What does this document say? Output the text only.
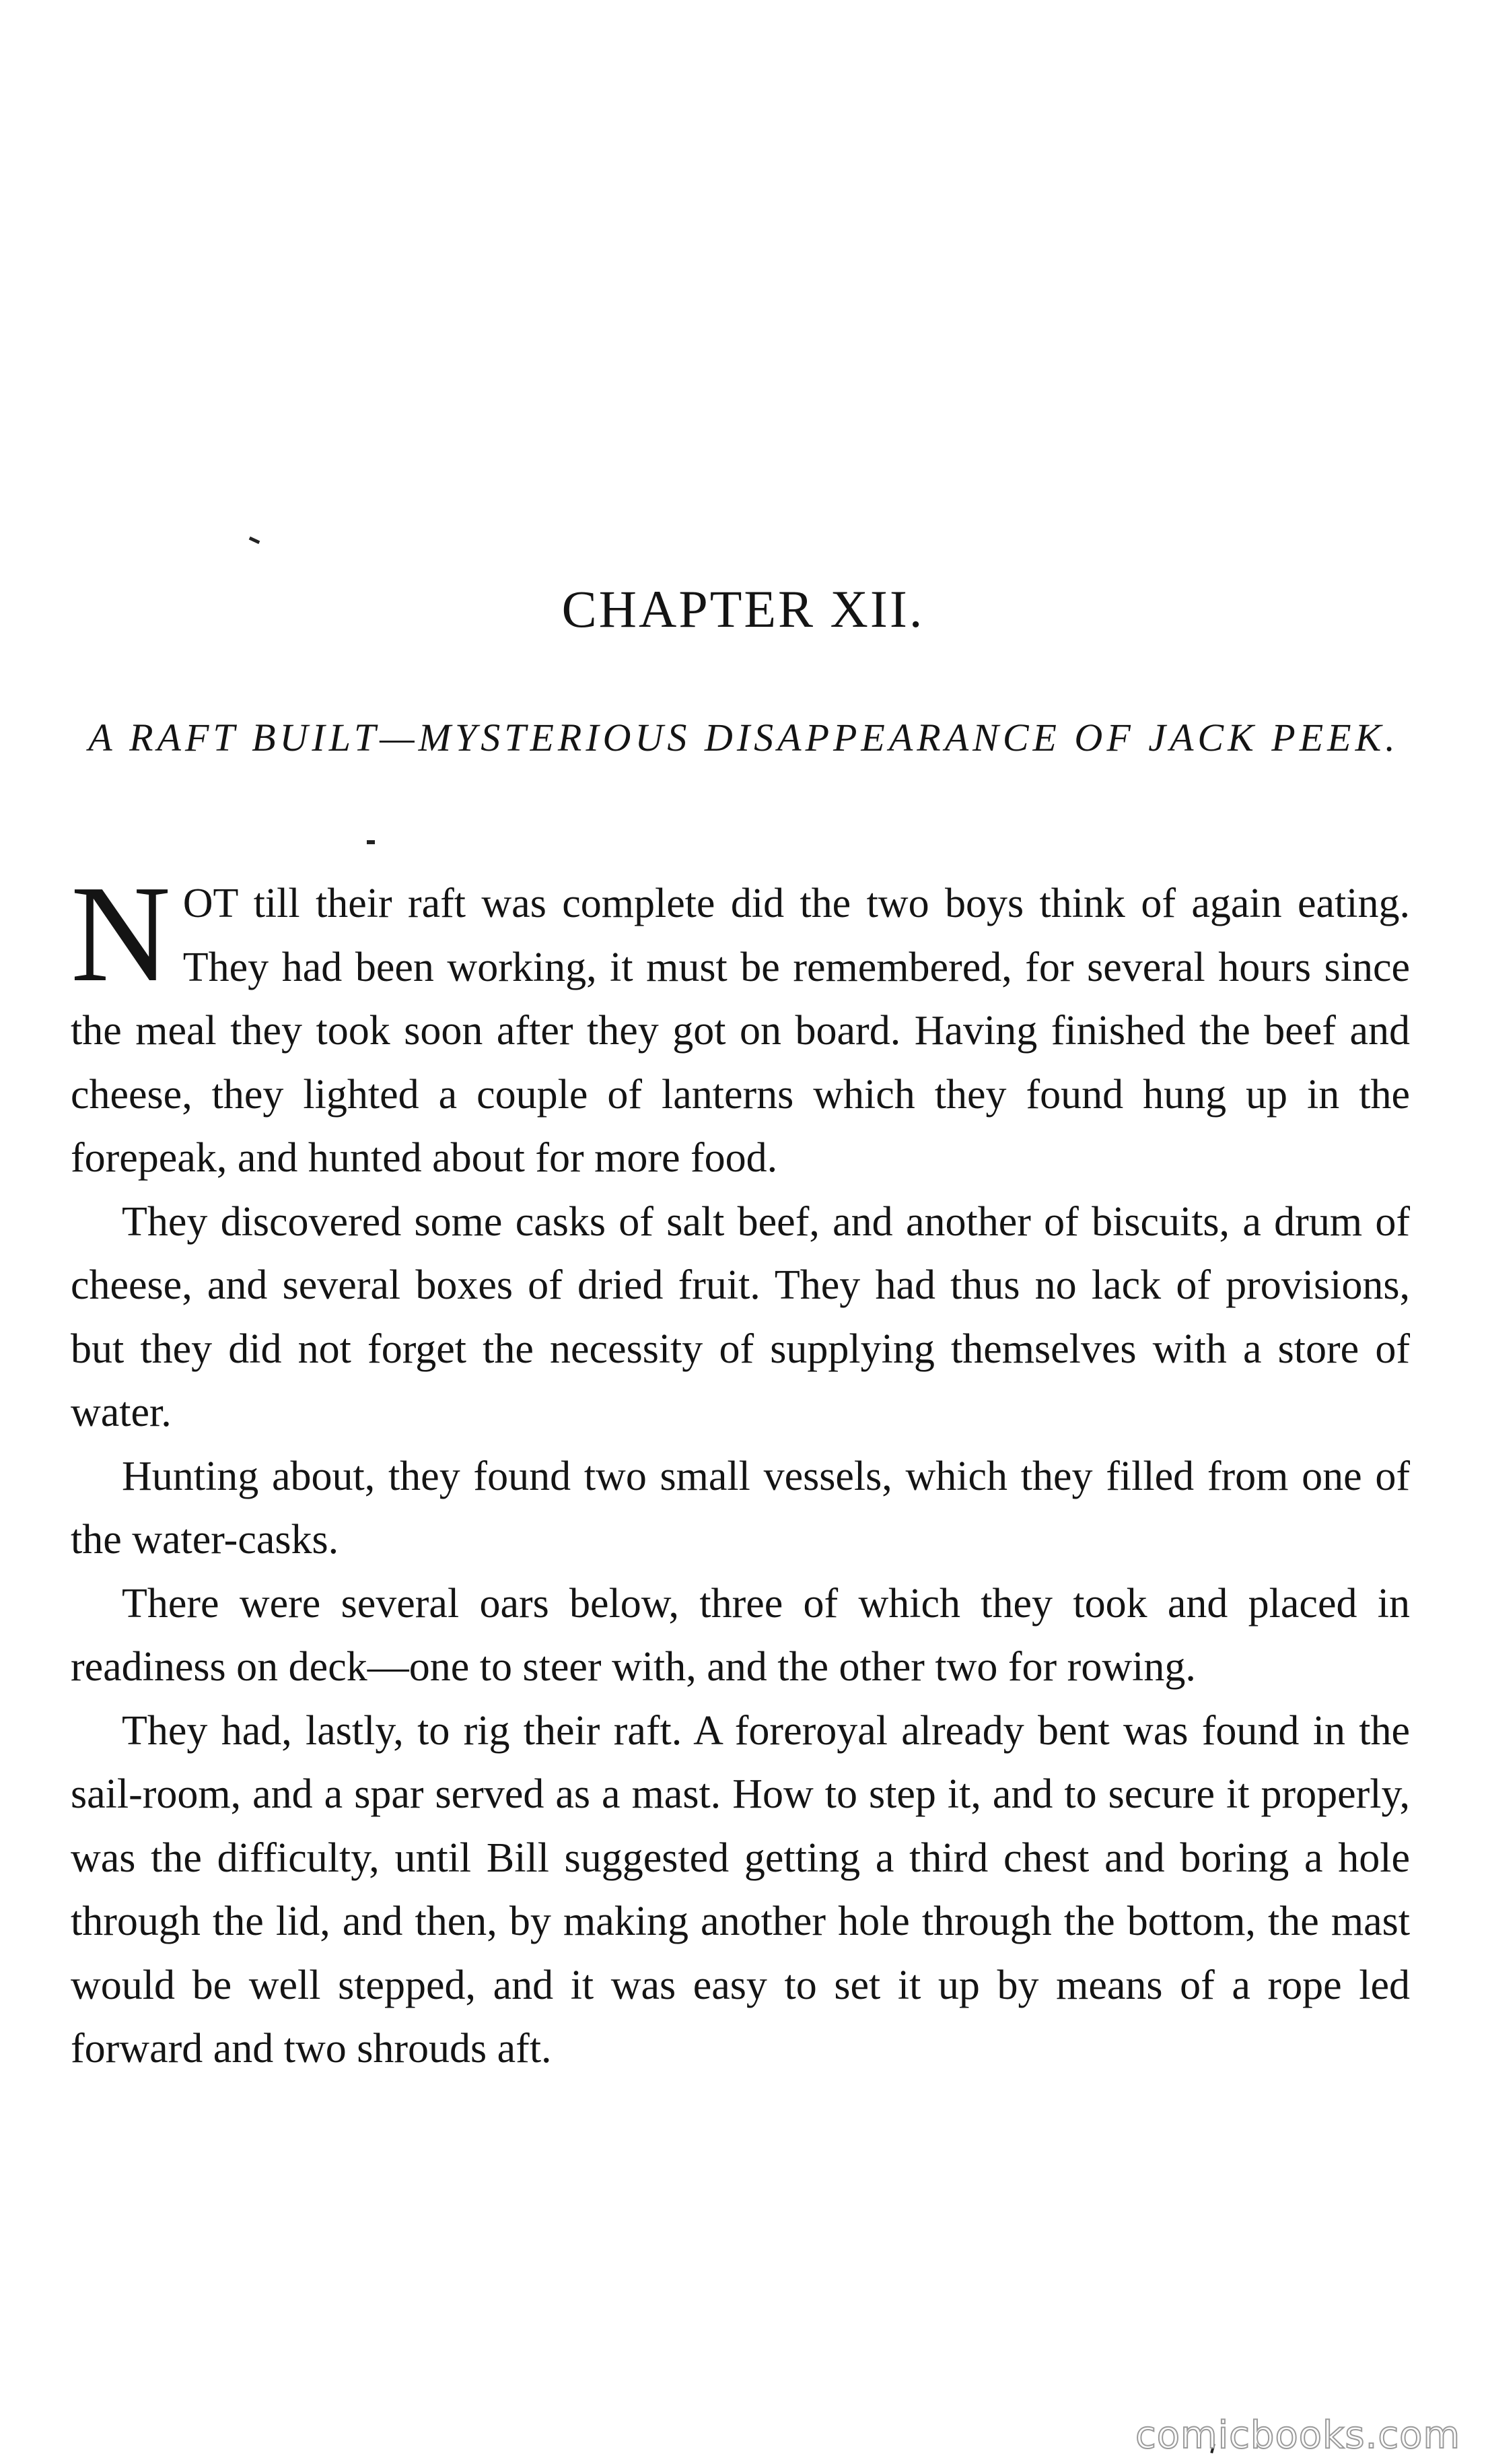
CHAPTER XII.
A RAFT BUILT—MYSTERIOUS DISAPPEARANCE OF JACK PEEK.

NOT till their raft was complete did the two boys think of again eating. They had been working, it must be remembered, for several hours since the meal they took soon after they got on board. Having finished the beef and cheese, they lighted a couple of lanterns which they found hung up in the forepeak, and hunted about for more food.

They discovered some casks of salt beef, and another of biscuits, a drum of cheese, and several boxes of dried fruit. They had thus no lack of provisions, but they did not forget the necessity of supplying themselves with a store of water.

Hunting about, they found two small vessels, which they filled from one of the water-casks.

There were several oars below, three of which they took and placed in readiness on deck—one to steer with, and the other two for rowing.

They had, lastly, to rig their raft. A foreroyal already bent was found in the sail-room, and a spar served as a mast. How to step it, and to secure it properly, was the difficulty, until Bill suggested getting a third chest and boring a hole through the lid, and then, by making another hole through the bottom, the mast would be well stepped, and it was easy to set it up by means of a rope led forward and two shrouds aft.

comicbooks.com
